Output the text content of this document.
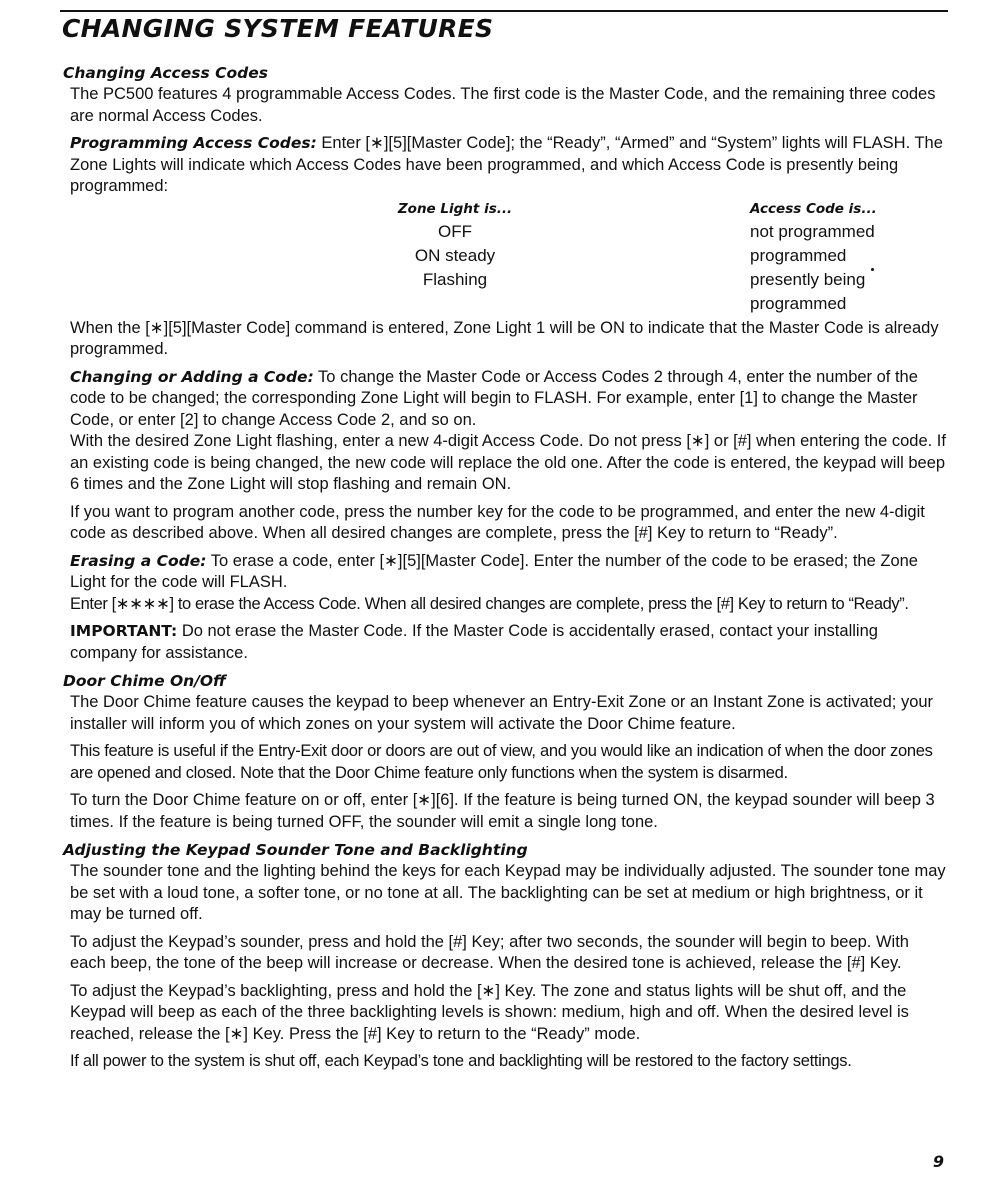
CHANGING SYSTEM FEATURES
Changing Access Codes

The PC500 features 4 programmable Access Codes. The first code is the Master Code, and the remaining three codes are normal Access Codes.

Programming Access Codes: Enter [∗][5][Master Code]; the “Ready”, “Armed” and “System” lights will FLASH. The Zone Lights will indicate which Access Codes have been programmed, and which Access Code is presently being programmed:

Zone Light is...	Access Code is...
OFF	not programmed
ON steady	programmed
Flashing	presently being programmed

When the [∗][5][Master Code] command is entered, Zone Light 1 will be ON to indicate that the Master Code is already programmed.

Changing or Adding a Code: To change the Master Code or Access Codes 2 through 4, enter the number of the code to be changed; the corresponding Zone Light will begin to FLASH. For example, enter [1] to change the Master Code, or enter [2] to change Access Code 2, and so on.

With the desired Zone Light flashing, enter a new 4-digit Access Code. Do not press [∗] or [#] when entering the code. If an existing code is being changed, the new code will replace the old one. After the code is entered, the keypad will beep 6 times and the Zone Light will stop flashing and remain ON.

If you want to program another code, press the number key for the code to be programmed, and enter the new 4-digit code as described above. When all desired changes are complete, press the [#] Key to return to “Ready”.

Erasing a Code: To erase a code, enter [∗][5][Master Code]. Enter the number of the code to be erased; the Zone Light for the code will FLASH.

Enter [∗∗∗∗] to erase the Access Code. When all desired changes are complete, press the [#] Key to return to “Ready”.

IMPORTANT: Do not erase the Master Code. If the Master Code is accidentally erased, contact your installing company for assistance.

Door Chime On/Off

The Door Chime feature causes the keypad to beep whenever an Entry-Exit Zone or an Instant Zone is activated; your installer will inform you of which zones on your system will activate the Door Chime feature.

This feature is useful if the Entry-Exit door or doors are out of view, and you would like an indication of when the door zones are opened and closed. Note that the Door Chime feature only functions when the system is disarmed.

To turn the Door Chime feature on or off, enter [∗][6]. If the feature is being turned ON, the keypad sounder will beep 3 times. If the feature is being turned OFF, the sounder will emit a single long tone.

Adjusting the Keypad Sounder Tone and Backlighting

The sounder tone and the lighting behind the keys for each Keypad may be individually adjusted. The sounder tone may be set with a loud tone, a softer tone, or no tone at all. The backlighting can be set at medium or high brightness, or it may be turned off.

To adjust the Keypad’s sounder, press and hold the [#] Key; after two seconds, the sounder will begin to beep. With each beep, the tone of the beep will increase or decrease. When the desired tone is achieved, release the [#] Key.

To adjust the Keypad’s backlighting, press and hold the [∗] Key. The zone and status lights will be shut off, and the Keypad will beep as each of the three backlighting levels is shown: medium, high and off. When the desired level is reached, release the [∗] Key. Press the [#] Key to return to the “Ready” mode.

If all power to the system is shut off, each Keypad’s tone and backlighting will be restored to the factory settings.

9
